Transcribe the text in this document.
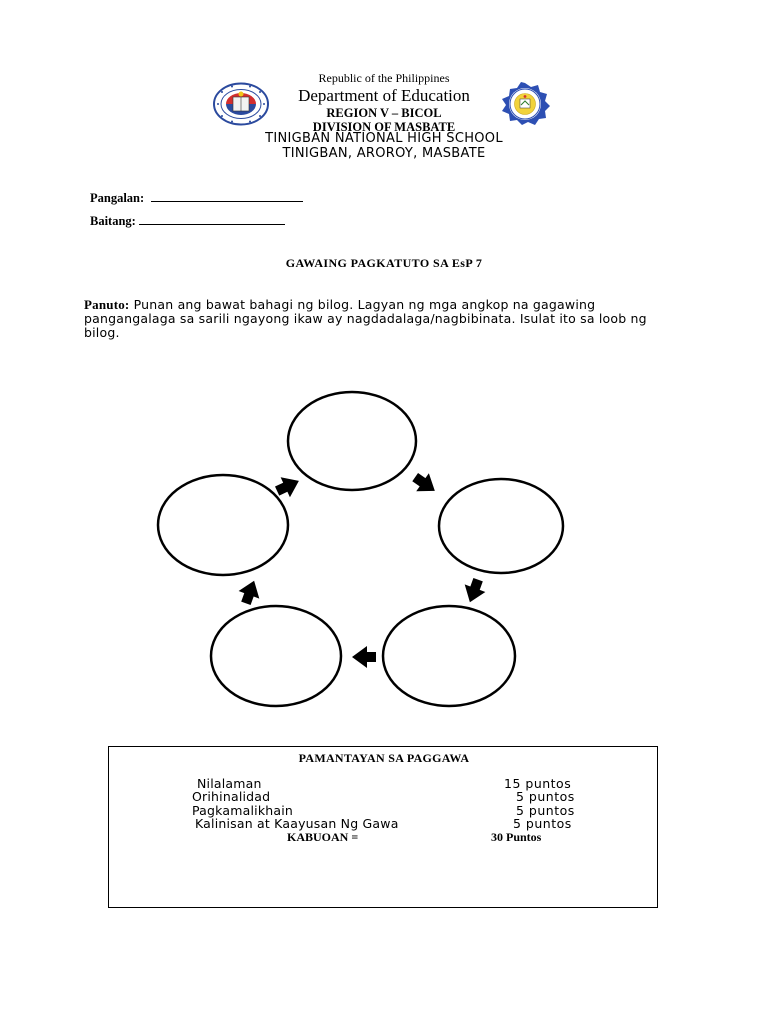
Republic of the Philippines
Department of Education
REGION V – BICOL
DIVISION OF MASBATE
TINIGBAN NATIONAL HIGH SCHOOL
TINIGBAN, AROROY, MASBATE
Pangalan:
Baitang:
GAWAING PAGKATUTO SA EsP 7
Panuto: Punan ang bawat bahagi ng bilog. Lagyan ng mga angkop na gagawing pangangalaga sa sarili ngayong ikaw ay nagdadalaga/nagbibinata. Isulat ito sa loob ng bilog.
PAMANTAYAN SA PAGGAWA
Nilalaman	15 puntos
Orihinalidad	5 puntos
Pagkamalikhain	5 puntos
Kalinisan at Kaayusan Ng Gawa	5 puntos
KABUOAN =	30 Puntos
